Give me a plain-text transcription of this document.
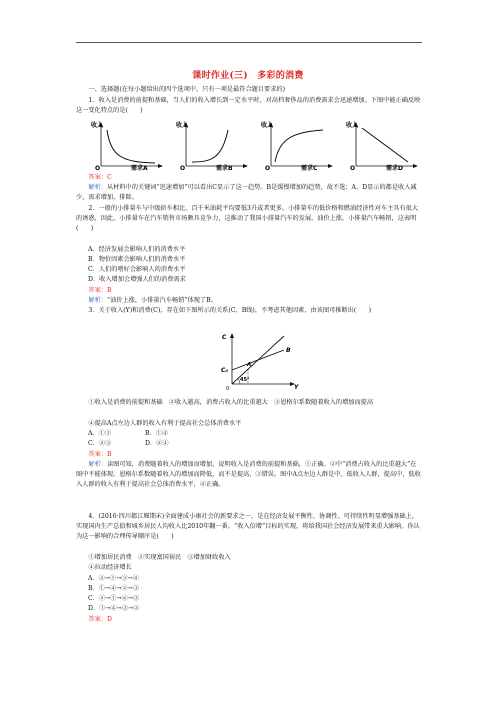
课时作业(三)　多彩的消费

一、选择题(在每小题给出的四个选项中，只有一项是最符合题目要求的)

1．收入是消费的前提和基础，当人们的收入增长到一定水平时，对高档奢侈品的消费需求会迅速增加。下图中能正确反映这一变化特点的是(　　)

收入
O	需求A
收入
O	需求B
收入
O	需求C
收入
O	需求D

答案：C

解析：从材料中的关键词“迅速增加”可以看出C显示了这一趋势。B是缓慢增加的趋势，故不选；A、D显示的都是收入减少，需求增加，排除。

2．一般的小排量车与中级轿车相比，百千米油耗平均要低3升或者更多。小排量车的低价格和燃油经济性对车主具有很大的诱惑，因此，小排量车在汽车销售市场颇具竞争力，这推动了我国小排量汽车的发展。油价上涨，小排量汽车畅销，这表明(　　)

A．经济发展会影响人们的消费水平

B．物价因素会影响人们的消费水平

C．人们的嗜好会影响人的消费水平

D．收入增加会增强人们的消费需求

答案：B

解析：“油价上涨，小排量汽车畅销”体现了B。

3．关于收入(Y)和消费(C)，存在如下图所示的关系(C、B线)，不考虑其他因素，由该图可推断出(　　)

C
C₀
A
B
Y
45°
0

①收入是消费的前提和基础　②收入越高，消费占收入的比重越大　③恩格尔系数随着收入的增加而提高

④提高A点左边人群的收入有利于提高社会总体消费水平

A．①③	B．①④

C．②③	D．②④

答案：B

解析：读图可知，消费随着收入的增加而增加，说明收入是消费的前提和基础，①正确。②中“消费占收入的比重越大”在图中不能体现。恩格尔系数随着收入的增加而降低，而不是提高，③错误。图中A点左边人群是中、低收入人群，提高中、低收入人群的收入有利于提高社会总体消费水平，④正确。

4．(2016·四川都江堰期末)全面建成小康社会的新要求之一，是在经济发展平衡性、协调性、可持续性明显增强基础上，实现国内生产总值和城乡居民人均收入比2010年翻一番。“收入倍增”目标的实现，将给我国社会经济发展带来重大影响。你认为这一影响的合理传导顺序是(　　)

①增加居民消费　②实现富国裕民　③增加财政收入

④拉动经济增长

A．②→①→③→④

B．①→④→②→③

C．②→①→④→③

D．①→④→③→②

答案：D
